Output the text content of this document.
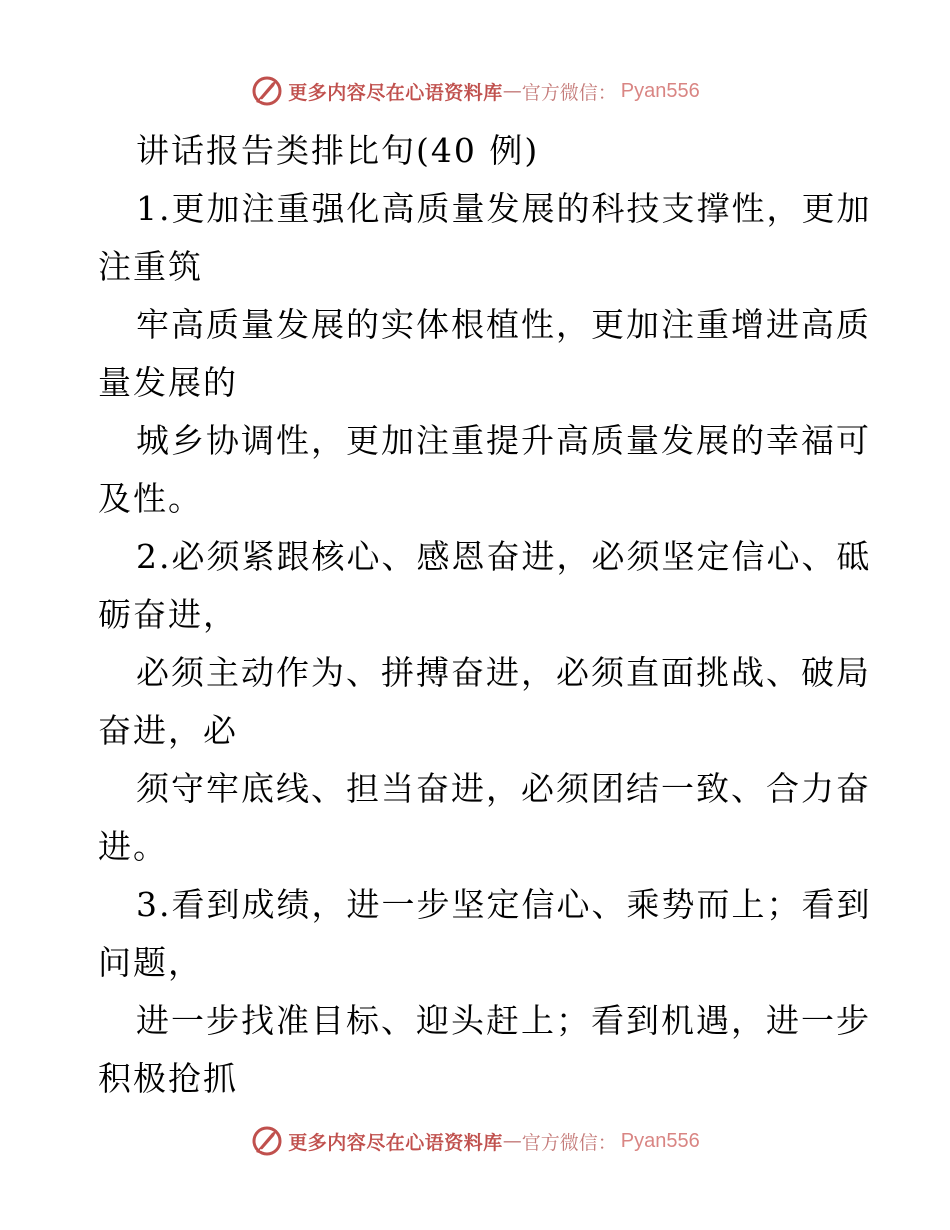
更多内容尽在心语资料库 — 官方微信： Pyan556

讲话报告类排比句(40 例)

1.更加注重强化高质量发展的科技支撑性，更加

注重筑

牢高质量发展的实体根植性，更加注重增进高质

量发展的

城乡协调性，更加注重提升高质量发展的幸福可

及性。

2.必须紧跟核心、感恩奋进，必须坚定信心、砥

砺奋进，

必须主动作为、拼搏奋进，必须直面挑战、破局

奋进，必

须守牢底线、担当奋进，必须团结一致、合力奋

进。

3.看到成绩，进一步坚定信心、乘势而上；看到

问题，

进一步找准目标、迎头赶上；看到机遇，进一步

积极抢抓

更多内容尽在心语资料库 — 官方微信： Pyan556
